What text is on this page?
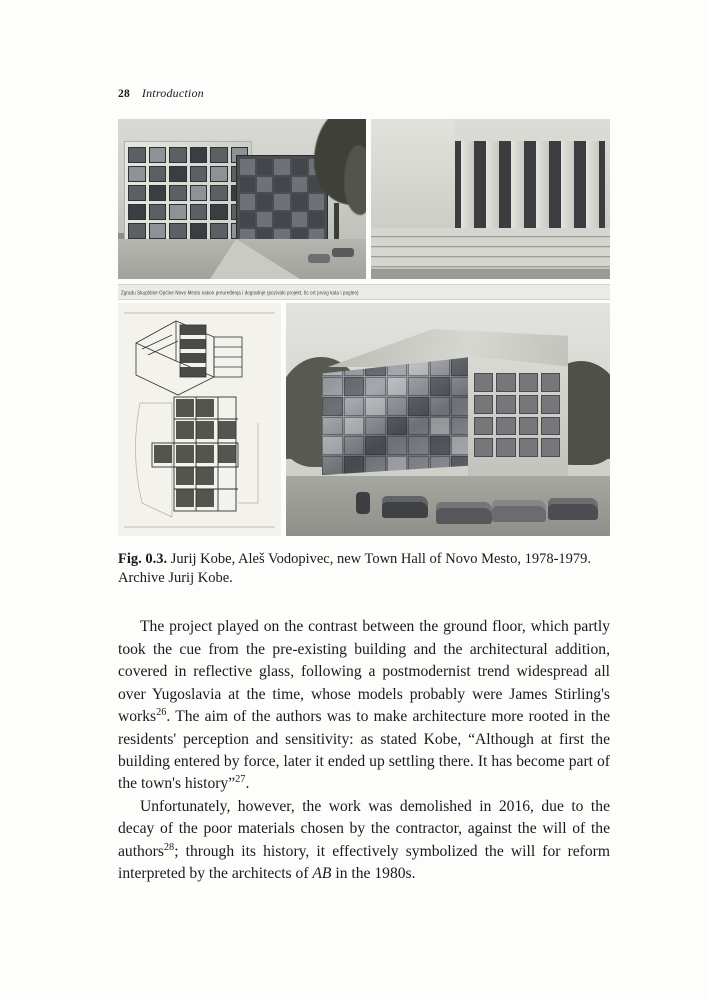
28 Introduction
Zgradu Skupštine Općine Novo Mesto nakon preuređenja i dogradnje (pozivaki projekt, tlc ort prvog kata i pogleo)
Fig. 0.3. Jurij Kobe, Aleš Vodopivec, new Town Hall of Novo Mesto, 1978-1979. Archive Jurij Kobe.

The project played on the contrast between the ground floor, which partly took the cue from the pre-existing building and the architectural addition, covered in reflective glass, following a postmodernist trend widespread all over Yugoslavia at the time, whose models probably were James Stirling's works$^{26}$. The aim of the authors was to make architecture more rooted in the residents' perception and sensitivity: as stated Kobe, “Although at first the building entered by force, later it ended up settling there. It has become part of the town's history”$^{27}$.

Unfortunately, however, the work was demolished in 2016, due to the decay of the poor materials chosen by the contractor, against the will of the authors$^{28}$; through its history, it effectively symbolized the will for reform interpreted by the architects of AB in the 1980s.
